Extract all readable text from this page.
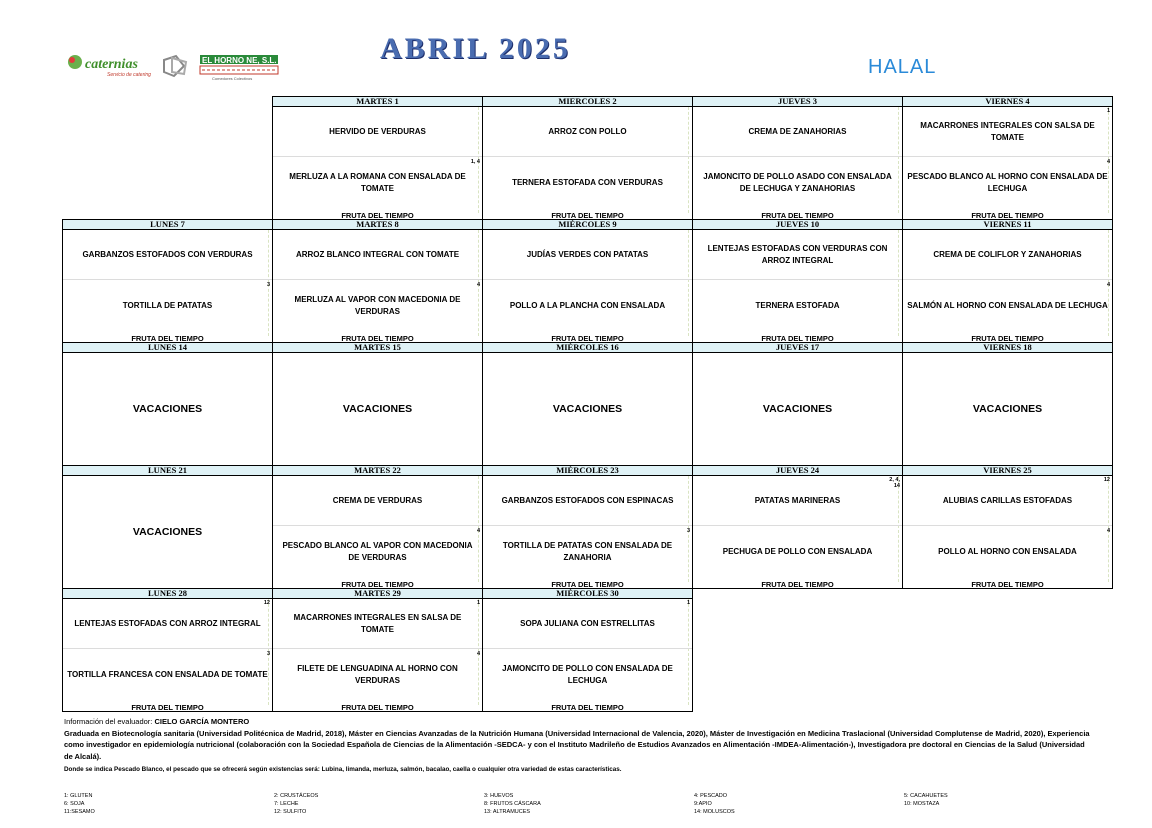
caternias
Servicio de catering
EL HORNO NE, S.L.
Comedores Colectivos
ABRIL 2025
HALAL
MARTES 1
HERVIDO DE VERDURAS
MERLUZA A LA ROMANA CON ENSALADA DE TOMATE
1, 4
FRUTA DEL TIEMPO
MIERCOLES 2
ARROZ CON POLLO
TERNERA ESTOFADA CON VERDURAS
FRUTA DEL TIEMPO
JUEVES 3
CREMA DE ZANAHORIAS
JAMONCITO DE POLLO ASADO CON ENSALADA DE LECHUGA Y ZANAHORIAS
FRUTA DEL TIEMPO
VIERNES 4
MACARRONES INTEGRALES CON SALSA DE TOMATE
1
PESCADO BLANCO AL HORNO CON ENSALADA DE LECHUGA
4
FRUTA DEL TIEMPO
LUNES 7
GARBANZOS ESTOFADOS CON VERDURAS
TORTILLA DE PATATAS
3
FRUTA DEL TIEMPO
MARTES 8
ARROZ BLANCO INTEGRAL CON TOMATE
MERLUZA AL VAPOR CON MACEDONIA DE VERDURAS
4
FRUTA DEL TIEMPO
MIÉRCOLES 9
JUDÍAS VERDES CON PATATAS
POLLO A LA PLANCHA CON ENSALADA
FRUTA DEL TIEMPO
JUEVES 10
LENTEJAS ESTOFADAS CON VERDURAS CON ARROZ INTEGRAL
TERNERA ESTOFADA
FRUTA DEL TIEMPO
VIERNES 11
CREMA DE COLIFLOR Y ZANAHORIAS
SALMÓN AL HORNO CON ENSALADA DE LECHUGA
4
FRUTA DEL TIEMPO
LUNES 14
VACACIONES
MARTES 15
VACACIONES
MIÉRCOLES 16
VACACIONES
JUEVES 17
VACACIONES
VIERNES 18
VACACIONES
LUNES 21
VACACIONES
MARTES 22
CREMA DE VERDURAS
PESCADO BLANCO AL VAPOR CON MACEDONIA DE VERDURAS
4
FRUTA DEL TIEMPO
MIÉRCOLES 23
GARBANZOS ESTOFADOS CON ESPINACAS
TORTILLA DE PATATAS CON ENSALADA DE ZANAHORIA
3
FRUTA DEL TIEMPO
JUEVES 24
PATATAS MARINERAS
2, 4, 14
PECHUGA DE POLLO CON ENSALADA
FRUTA DEL TIEMPO
VIERNES 25
ALUBIAS CARILLAS ESTOFADAS
12
POLLO AL HORNO CON ENSALADA
4
FRUTA DEL TIEMPO
LUNES 28
LENTEJAS ESTOFADAS CON ARROZ INTEGRAL
12
TORTILLA FRANCESA CON ENSALADA DE TOMATE
3
FRUTA DEL TIEMPO
MARTES 29
MACARRONES INTEGRALES EN SALSA DE TOMATE
1
FILETE DE LENGUADINA AL HORNO CON VERDURAS
4
FRUTA DEL TIEMPO
MIÉRCOLES 30
SOPA JULIANA CON ESTRELLITAS
1
JAMONCITO DE POLLO CON ENSALADA DE LECHUGA
FRUTA DEL TIEMPO
Información del evaluador: CIELO GARCÍA MONTERO
Graduada en Biotecnología sanitaria (Universidad Politécnica de Madrid, 2018), Máster en Ciencias Avanzadas de la Nutrición Humana (Universidad Internacional de Valencia, 2020), Máster de Investigación en Medicina Traslacional (Universidad Complutense de Madrid, 2020), Experiencia como investigador en epidemiología nutricional (colaboración con la Sociedad Española de Ciencias de la Alimentación -SEDCA- y con el Instituto Madrileño de Estudios Avanzados en Alimentación -IMDEA-Alimentación-), Investigadora pre doctoral en Ciencias de la Salud (Universidad de Alcalá).
Donde se indica Pescado Blanco, el pescado que se ofrecerá según existencias será: Lubina, limanda, merluza, salmón, bacalao, caella o cualquier otra variedad de estas características.
1: GLUTEN	2: CRUSTÁCEOS	3: HUEVOS	4: PESCADO	5: CACAHUETES
6: SOJA	7: LECHE	8: FRUTOS CÁSCARA	9:APIO	10: MOSTAZA
11:SESAMO	12: SULFITO	13: ALTRAMUCES	14: MOLUSCOS
